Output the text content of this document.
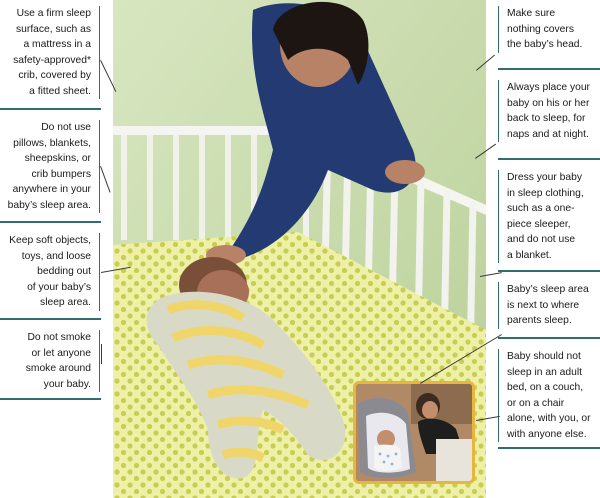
Use a firm sleep
surface, such as
a mattress in a
safety-approved*
crib, covered by
a fitted sheet.
Do not use
pillows, blankets,
sheepskins, or
crib bumpers
anywhere in your
baby’s sleep area.
Keep soft objects,
toys, and loose
bedding out
of your baby’s
sleep area.
Do not smoke
or let anyone
smoke around
your baby.
Make sure
nothing covers
the baby’s head.
Always place your
baby on his or her
back to sleep, for
naps and at night.
Dress your baby
in sleep clothing,
such as a one-
piece sleeper,
and do not use
a blanket.
Baby’s sleep area
is next to where
parents sleep.
Baby should not
sleep in an adult
bed, on a couch,
or on a chair
alone, with you, or
with anyone else.
